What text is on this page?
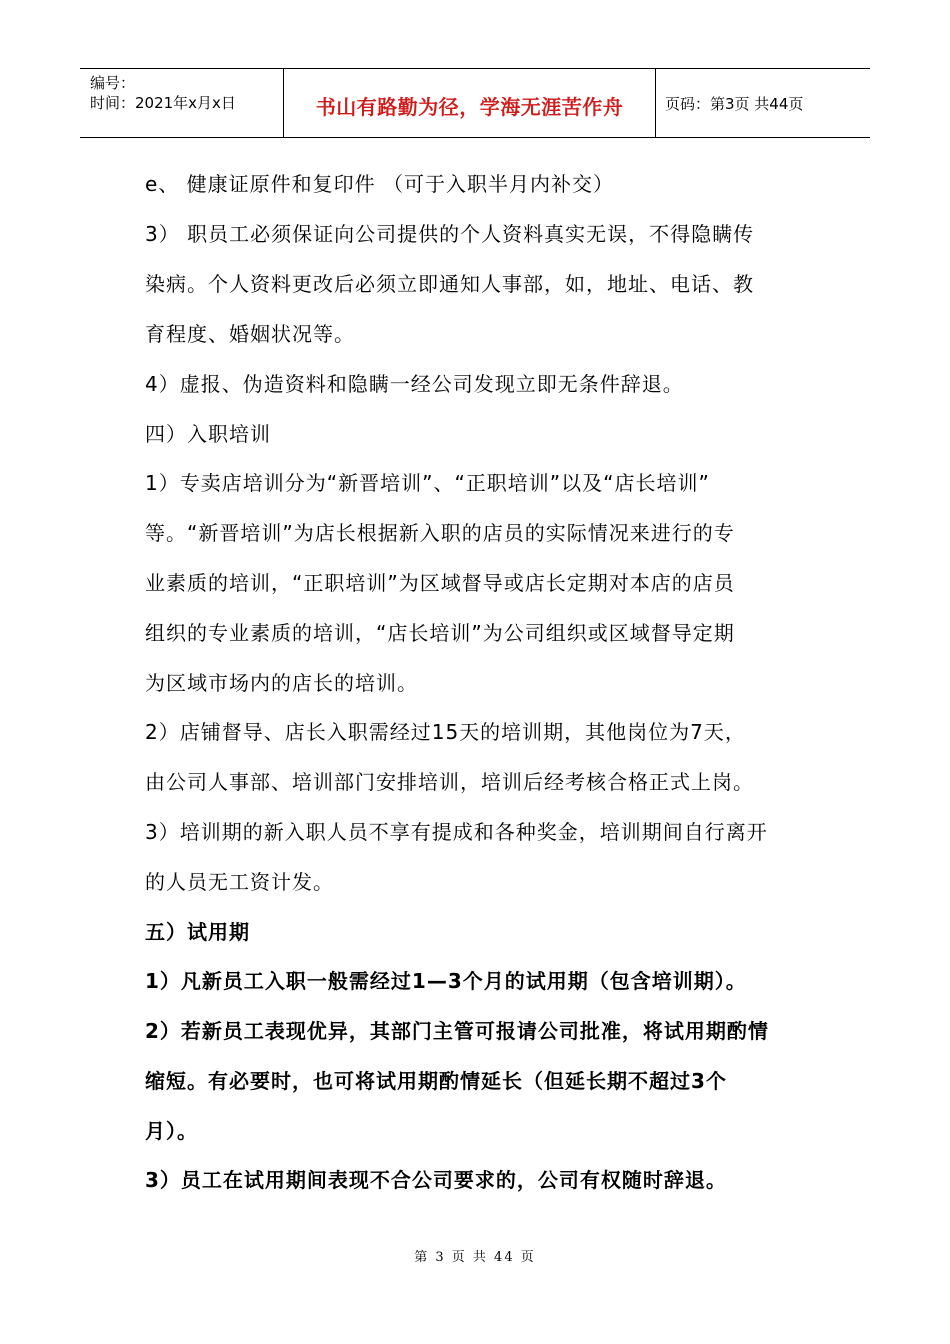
编号：
时间：2021年x月x日	书山有路勤为径，学海无涯苦作舟	页码：第3页 共44页
e、 健康证原件和复印件 （可于入职半月内补交）
3） 职员工必须保证向公司提供的个人资料真实无误，不得隐瞒传
染病。个人资料更改后必须立即通知人事部，如，地址、电话、教
育程度、婚姻状况等。
4）虚报、伪造资料和隐瞒一经公司发现立即无条件辞退。
四）入职培训
1）专卖店培训分为“新晋培训”、“正职培训”以及“店长培训”
等。“新晋培训”为店长根据新入职的店员的实际情况来进行的专
业素质的培训，“正职培训”为区域督导或店长定期对本店的店员
组织的专业素质的培训，“店长培训”为公司组织或区域督导定期
为区域市场内的店长的培训。
2）店铺督导、店长入职需经过15天的培训期，其他岗位为7天，
由公司人事部、培训部门安排培训，培训后经考核合格正式上岗。
3）培训期的新入职人员不享有提成和各种奖金，培训期间自行离开
的人员无工资计发。
五）试用期
1）凡新员工入职一般需经过1—3个月的试用期（包含培训期）。
2）若新员工表现优异，其部门主管可报请公司批准，将试用期酌情
缩短。有必要时，也可将试用期酌情延长（但延长期不超过3个
月）。
3）员工在试用期间表现不合公司要求的，公司有权随时辞退。
第 3 页 共 44 页
